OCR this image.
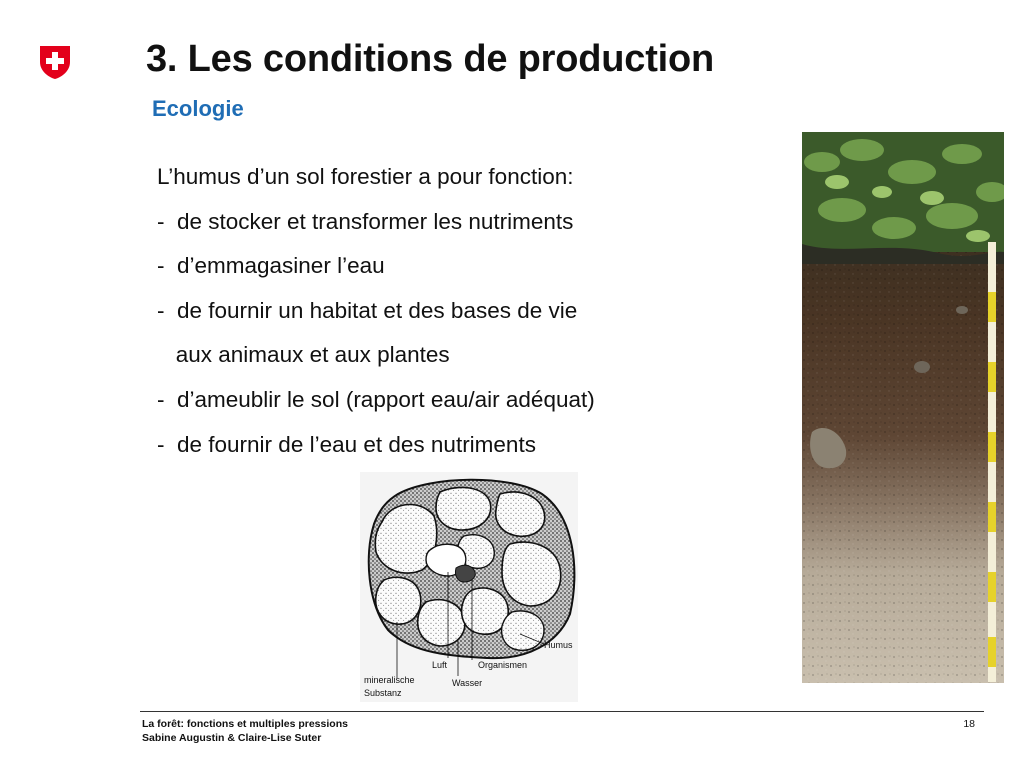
3. Les conditions de production
Ecologie
L’humus d’un sol forestier a pour fonction:
-  de stocker et transformer les nutriments
-  d’emmagasiner l’eau
-  de fournir un habitat et des bases de vie
aux animaux et aux plantes
-  d’ameublir le sol (rapport eau/air adéquat)
-  de fournir de l’eau et des nutriments
Humus
Organismen
Luft
mineralische
Substanz
Wasser
La forêt: fonctions et multiples pressions
Sabine Augustin & Claire-Lise Suter
18
